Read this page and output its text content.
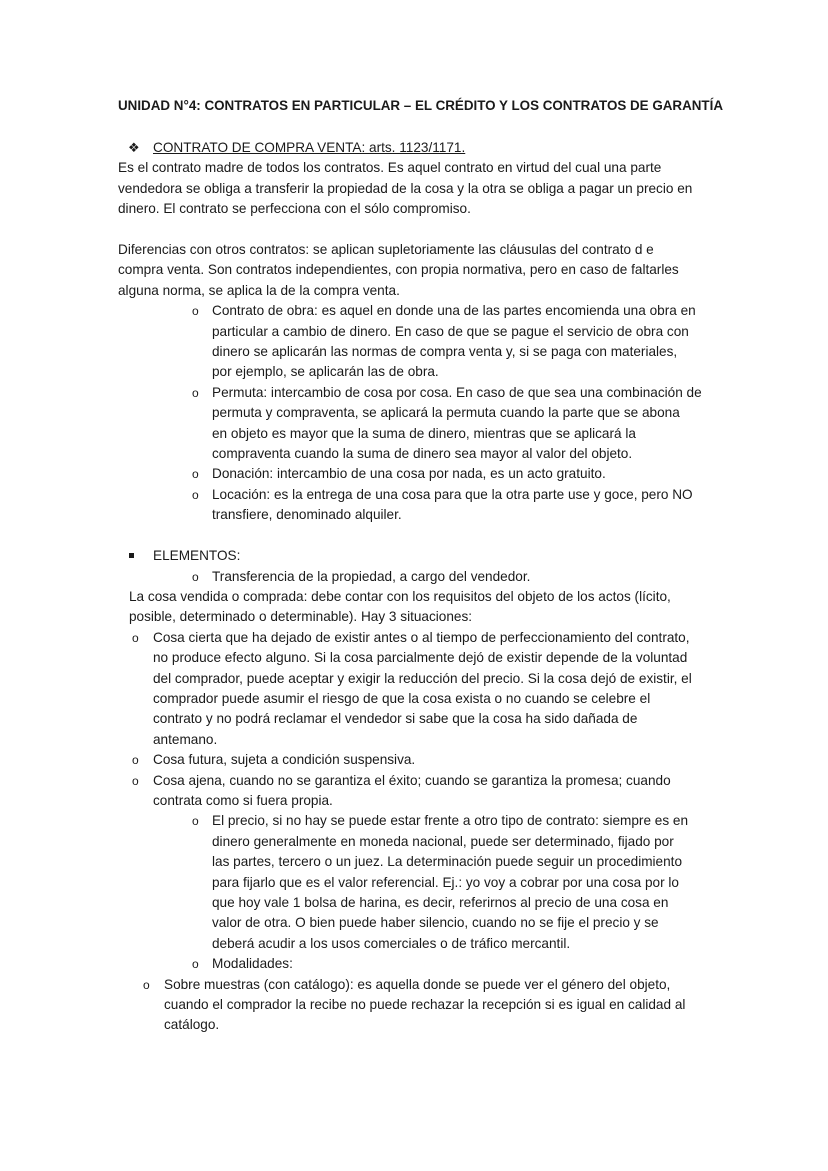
UNIDAD N°4: CONTRATOS EN PARTICULAR – EL CRÉDITO Y LOS CONTRATOS DE GARANTÍA
❖ CONTRATO DE COMPRA VENTA: arts. 1123/1171.
Es el contrato madre de todos los contratos. Es aquel contrato en virtud del cual una parte
vendedora se obliga a transferir la propiedad de la cosa y la otra se obliga a pagar un precio en
dinero. El contrato se perfecciona con el sólo compromiso.
Diferencias con otros contratos: se aplican supletoriamente las cláusulas del contrato d e
compra venta. Son contratos independientes, con propia normativa, pero en caso de faltarles
alguna norma, se aplica la de la compra venta.
o Contrato de obra: es aquel en donde una de las partes encomienda una obra en
particular a cambio de dinero. En caso de que se pague el servicio de obra con
dinero se aplicarán las normas de compra venta y, si se paga con materiales,
por ejemplo, se aplicarán las de obra.
o Permuta: intercambio de cosa por cosa. En caso de que sea una combinación de
permuta y compraventa, se aplicará la permuta cuando la parte que se abona
en objeto es mayor que la suma de dinero, mientras que se aplicará la
compraventa cuando la suma de dinero sea mayor al valor del objeto.
o Donación: intercambio de una cosa por nada, es un acto gratuito.
o Locación: es la entrega de una cosa para que la otra parte use y goce, pero NO
transfiere, denominado alquiler.
ELEMENTOS:
o Transferencia de la propiedad, a cargo del vendedor.
La cosa vendida o comprada: debe contar con los requisitos del objeto de los actos (lícito,
posible, determinado o determinable). Hay 3 situaciones:
o Cosa cierta que ha dejado de existir antes o al tiempo de perfeccionamiento del contrato,
no produce efecto alguno. Si la cosa parcialmente dejó de existir depende de la voluntad
del comprador, puede aceptar y exigir la reducción del precio. Si la cosa dejó de existir, el
comprador puede asumir el riesgo de que la cosa exista o no cuando se celebre el
contrato y no podrá reclamar el vendedor si sabe que la cosa ha sido dañada de
antemano.
o Cosa futura, sujeta a condición suspensiva.
o Cosa ajena, cuando no se garantiza el éxito; cuando se garantiza la promesa; cuando
contrata como si fuera propia.
o El precio, si no hay se puede estar frente a otro tipo de contrato: siempre es en
dinero generalmente en moneda nacional, puede ser determinado, fijado por
las partes, tercero o un juez. La determinación puede seguir un procedimiento
para fijarlo que es el valor referencial. Ej.: yo voy a cobrar por una cosa por lo
que hoy vale 1 bolsa de harina, es decir, referirnos al precio de una cosa en
valor de otra. O bien puede haber silencio, cuando no se fije el precio y se
deberá acudir a los usos comerciales o de tráfico mercantil.
o Modalidades:
o Sobre muestras (con catálogo): es aquella donde se puede ver el género del objeto,
cuando el comprador la recibe no puede rechazar la recepción si es igual en calidad al
catálogo.
